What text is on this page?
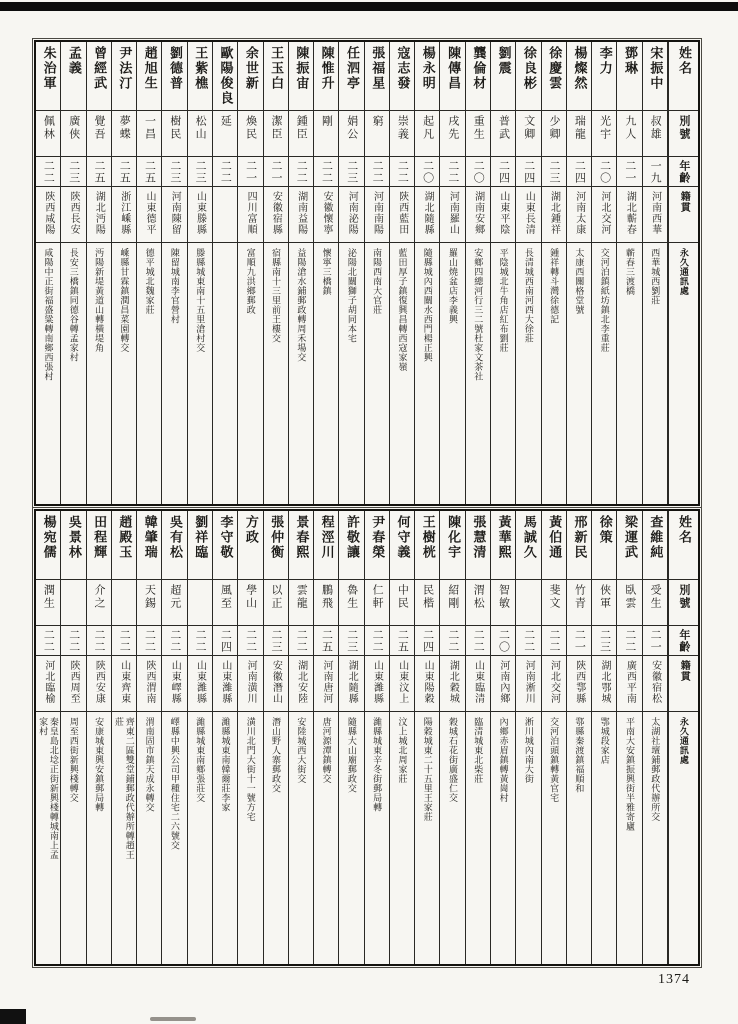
姓名
別號
年齡
籍貫
永久通訊處
宋振中
叔雄
一九
河南西華
西華城西劉莊
鄧琳
九人
二一
湖北蘄春
蘄春三渡橋
李力
光宇
二〇
河北交河
交河泊鎮紙坊鎮北李重莊
楊燦然
瑞龍
二四
河南太康
太康西關格堂號
徐慶雲
少卿
二三
湖北鍾祥
鍾祥轉斗灣徐德記
徐良彬
文卿
二四
山東長清
長清城西南河西大徐莊
劉震
普武
二四
山東平陰
平陰城北牛角店紅布劉莊
龔倫材
重生
二〇
湖南安鄉
安鄉四總河行三二號杜家文茶社
陳傳昌
戌先
二二
河南羅山
羅山燒盆店李義興
楊永明
起凡
二〇
湖北隨縣
隨縣城內西關水西門楊正興
寇志發
崇義
二二
陝西藍田
藍田厚子鎮復興昌轉西寇家嶺
張福星
窮
二二
河南南陽
南陽西南大官莊
任泗亭
娟公
二三
河南泌陽
泌陽北關獅子胡同本宅
陳惟升
剛
二二
安徽懷寧
懷寧三橋鎮
陳振宙
鍾臣
二二
湖南益陽
益陽滄水鋪郵政轉周禾場交
王玉白
潔臣
二一
安徽宿縣
宿縣南十三里前王樓交
余世新
煥民
二一
四川富順
富順九洪鄉郵政
歐陽俊良
延
二二
王紫樵
松山
二三
山東滕縣
滕縣城東南十五里滄村交
劉德普
樹民
二三
河南陳留
陳留城南李官營村
趙旭生
一昌
二五
山東德平
德平城北魏家莊
尹法汀
夢蝶
二五
浙江嵊縣
嵊縣甘霖鎮潤昌菜園轉交
曾經武
覺吾
二五
湖北沔陽
沔陽新堤黃道山轉橫堤角
孟義
廣俠
二三
陝西長安
長安三橋鎮同德谷轉孟家村
朱治軍
佩林
二二
陝西咸陽
咸陽中正街福盛粱轉南鄉西張村
姓名
別號
年齡
籍貫
永久通訊處
查維純
受生
二一
安徽宿松
太湖社壇鋪郵政代辦所交
梁運武
臥雲
二二
廣西平南
平南大安鎮振興街半雅寄廬
徐策
俠軍
二三
湖北鄂城
鄂城段家店
邢新民
竹青
二一
陝西鄠縣
鄠縣秦渡鎮福順和
黃伯通
斐文
二二
河北交河
交河泊頭鎮轉黃官宅
馬誠久
二二
河南淅川
淅川城內南大街
黃華熙
智敏
二〇
河南內鄉
內鄉赤眉鎮轉黃崗村
張慧清
渭松
二二
山東臨清
臨清城東北柴莊
陳化宇
紹剛
二二
湖北穀城
穀城石花街廣盛仁交
王樹桄
民楷
二四
山東陽穀
陽穀城東二十五里王家莊
何守義
中民
二五
山東汶上
汶上城北周家莊
尹春榮
仁軒
二二
山東濰縣
濰縣城東辛冬街郵局轉
許敬讓
魯生
二三
湖北隨縣
隨縣大山廟郵政交
程涇川
鵬飛
二五
河南唐河
唐河源潭鎮轉交
景春熙
雲龍
二二
湖北安陸
安陸城西大街交
張仲衡
以正
二三
安徽潛山
潛山野人寨郵政交
方政
學山
二二
河南潢川
潢川北門大街十一號方宅
李守敬
風至
二四
山東濰縣
濰縣城東南韓爾莊李家
劉祥臨
二二
山東濰縣
濰縣城東南鄉張莊交
吳有松
超元
二二
山東嶧縣
嶧縣中興公司甲種住宅二六號交
韓肇瑞
天錫
二二
陝西渭南
渭南固市鎮天成永轉交
趙殿玉
二二
山東齊東
齊東二區雙堂鋪郵政代辦所轉趙王莊
田程輝
介之
二二
陝西安康
安康城東興安鎮郵局轉
吳景林
二二
陝西周至
周至西街新興棧轉交
楊宛儒
潤生
二二
河北臨榆
秦皇島北埝正街新興棧轉城南上孟家村
1374
